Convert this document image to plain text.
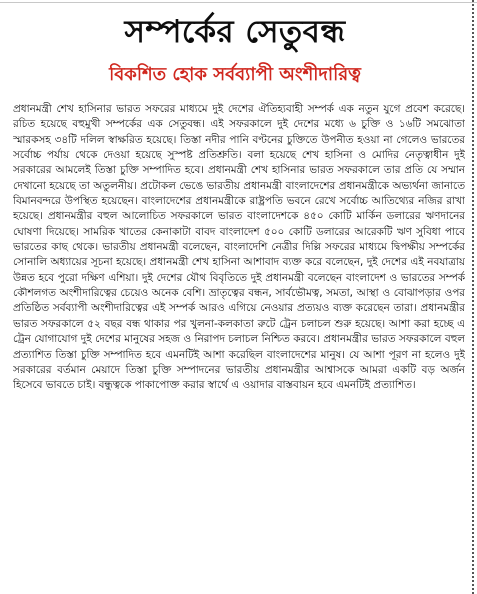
সম্পর্কের সেতুবন্ধ
বিকশিত হোক সর্বব্যাপী অংশীদারিত্ব

প্রধানমন্ত্রী শেখ হাসিনার ভারত সফরের মাধ্যমে দুই দেশের ঐতিহ্যবাহী সম্পর্ক এক নতুন যুগে প্রবেশ করেছে। রচিত হয়েছে বহুমুখী সম্পর্কের এক সেতুবন্ধ। এই সফরকালে দুই দেশের মধ্যে ৬ চুক্তি ও ১৬টি সমঝোতা স্মারকসহ ৩৪টি দলিল স্বাক্ষরিত হয়েছে। তিস্তা নদীর পানি বণ্টনের চুক্তিতে উপনীত হওয়া না গেলেও ভারতের সর্বোচ্চ পর্যায় থেকে দেওয়া হয়েছে সুস্পষ্ট প্রতিশ্রুতি। বলা হয়েছে শেখ হাসিনা ও মোদির নেতৃত্বাধীন দুই সরকারের আমলেই তিস্তা চুক্তি সম্পাদিত হবে। প্রধানমন্ত্রী শেখ হাসিনার ভারত সফরকালে তার প্রতি যে সম্মান দেখানো হয়েছে তা অতুলনীয়। প্রটোকল ভেঙে ভারতীয় প্রধানমন্ত্রী বাংলাদেশের প্রধানমন্ত্রীকে অভ্যর্থনা জানাতে বিমানবন্দরে উপস্থিত হয়েছেন। বাংলাদেশের প্রধানমন্ত্রীকে রাষ্ট্রপতি ভবনে রেখে সর্বোচ্চ আতিথ্যের নজির রাখা হয়েছে। প্রধানমন্ত্রীর বহুল আলোচিত সফরকালে ভারত বাংলাদেশকে ৪৫০ কোটি মার্কিন ডলারের ঋণদানের ঘোষণা দিয়েছে। সামরিক খাতের কেনাকাটা বাবদ বাংলাদেশ ৫০০ কোটি ডলারের আরেকটি ঋণ সুবিধা পাবে ভারতের কাছ থেকে। ভারতীয় প্রধানমন্ত্রী বলেছেন, বাংলাদেশি নেত্রীর দিল্লি সফরের মাধ্যমে দ্বিপক্ষীয় সম্পর্কের সোনালি অধ্যায়ের সূচনা হয়েছে। প্রধানমন্ত্রী শেখ হাসিনা আশাবাদ ব্যক্ত করে বলেছেন, দুই দেশের এই নবযাত্রায় উন্নত হবে পুরো দক্ষিণ এশিয়া। দুই দেশের যৌথ বিবৃতিতে দুই প্রধানমন্ত্রী বলেছেন বাংলাদেশ ও ভারতের সম্পর্ক কৌশলগত অংশীদারিত্বের চেয়েও অনেক বেশি। ভ্রাতৃত্বের বন্ধন, সার্বভৌমত্ব, সমতা, আস্থা ও বোঝাপড়ার ওপর প্রতিষ্ঠিত সর্বব্যাপী অংশীদারিত্বের এই সম্পর্ক আরও এগিয়ে নেওয়ার প্রত্যয়ও ব্যক্ত করেছেন তারা। প্রধানমন্ত্রীর ভারত সফরকালে ৫২ বছর বন্ধ থাকার পর খুলনা-কলকাতা রুটে ট্রেন চলাচল শুরু হয়েছে। আশা করা হচ্ছে এ ট্রেন যোগাযোগ দুই দেশের মানুষের সহজ ও নিরাপদ চলাচল নিশ্চিত করবে। প্রধানমন্ত্রীর ভারত সফরকালে বহুল প্রত্যাশিত তিস্তা চুক্তি সম্পাদিত হবে এমনটিই আশা করেছিল বাংলাদেশের মানুষ। যে আশা পূরণ না হলেও দুই সরকারের বর্তমান মেয়াদে তিস্তা চুক্তি সম্পাদনের ভারতীয় প্রধানমন্ত্রীর আশ্বাসকে আমরা একটি বড় অর্জন হিসেবে ভাবতে চাই। বন্ধুত্বকে পাকাপোক্ত করার স্বার্থে এ ওয়াদার বাস্তবায়ন হবে এমনটিই প্রত্যাশিত।
